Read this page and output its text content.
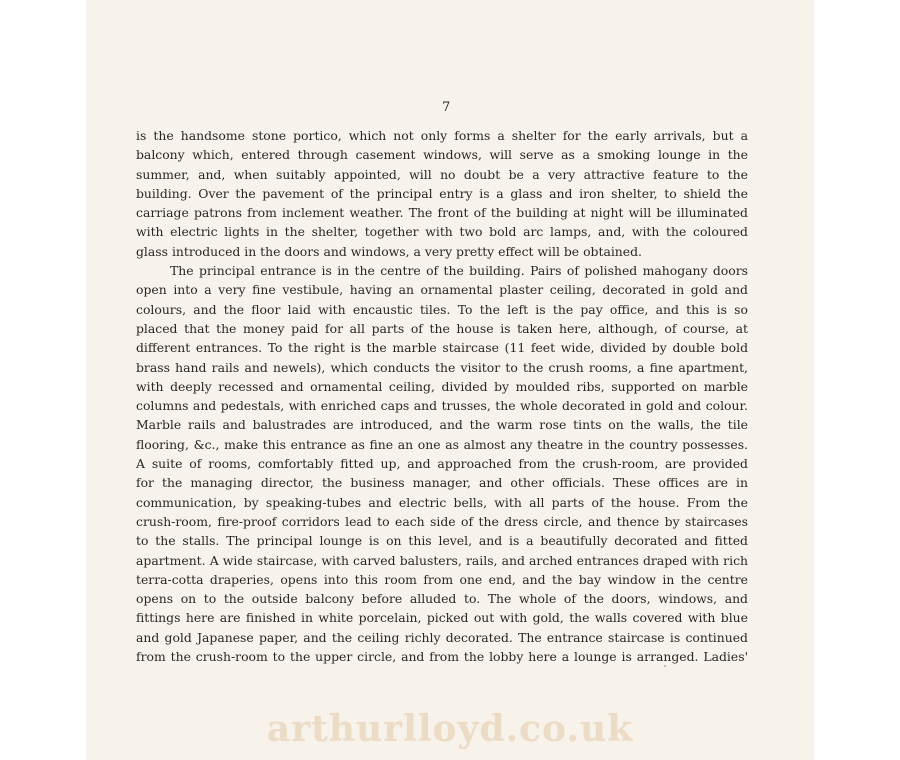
7
is the handsome stone portico, which not only forms a shelter for the early arrivals, but a
balcony which, entered through casement windows, will serve as a smoking lounge in the
summer, and, when suitably appointed, will no doubt be a very attractive feature to the
building. Over the pavement of the principal entry is a glass and iron shelter, to shield the
carriage patrons from inclement weather. The front of the building at night will be illuminated
with electric lights in the shelter, together with two bold arc lamps, and, with the coloured
glass introduced in the doors and windows, a very pretty effect will be obtained.
The principal entrance is in the centre of the building. Pairs of polished mahogany doors
open into a very fine vestibule, having an ornamental plaster ceiling, decorated in gold and
colours, and the floor laid with encaustic tiles. To the left is the pay office, and this is so
placed that the money paid for all parts of the house is taken here, although, of course, at
different entrances. To the right is the marble staircase (11 feet wide, divided by double bold
brass hand rails and newels), which conducts the visitor to the crush rooms, a fine apartment,
with deeply recessed and ornamental ceiling, divided by moulded ribs, supported on marble
columns and pedestals, with enriched caps and trusses, the whole decorated in gold and colour.
Marble rails and balustrades are introduced, and the warm rose tints on the walls, the tile
flooring, &c., make this entrance as fine an one as almost any theatre in the country possesses.
A suite of rooms, comfortably fitted up, and approached from the crush-room, are provided
for the managing director, the business manager, and other officials. These offices are in
communication, by speaking-tubes and electric bells, with all parts of the house. From the
crush-room, fire-proof corridors lead to each side of the dress circle, and thence by staircases
to the stalls. The principal lounge is on this level, and is a beautifully decorated and fitted
apartment. A wide staircase, with carved balusters, rails, and arched entrances draped with rich
terra-cotta draperies, opens into this room from one end, and the bay window in the centre
opens on to the outside balcony before alluded to. The whole of the doors, windows, and
fittings here are finished in white porcelain, picked out with gold, the walls covered with blue
and gold Japanese paper, and the ceiling richly decorated. The entrance staircase is continued
from the crush-room to the upper circle, and from the lobby here a lounge is arranged. Ladies'
arthurlloyd.co.uk
